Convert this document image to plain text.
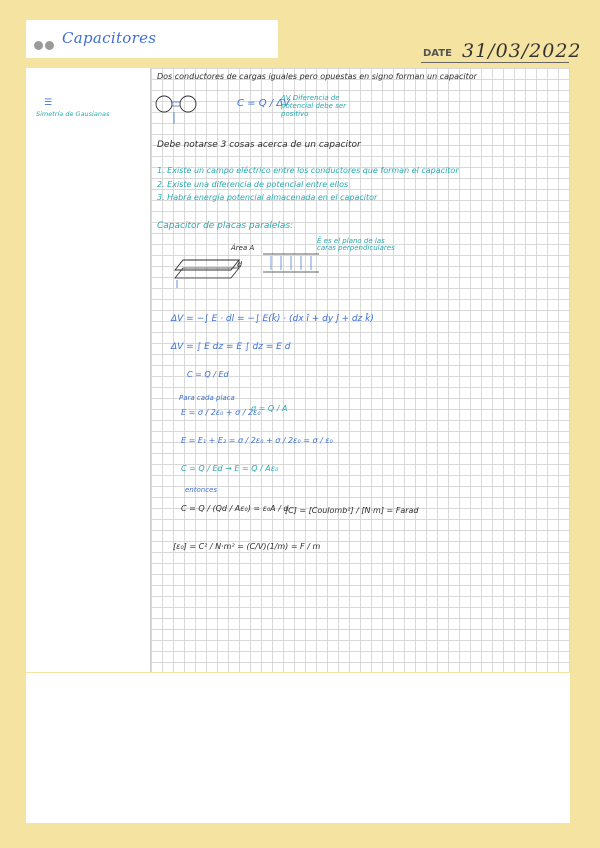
Capacitores
DATE 31/03/2022
☰
Simetría de Gausianas
Dos conductores de cargas iguales pero opuestas en signo forman un capacitor
C = Q / ΔV
ΔV Diferencia de potencial debe ser positivo
Debe notarse 3 cosas acerca de un capacitor
1. Existe un campo eléctrico entre los conductores que forman el capacitor
2. Existe una diferencia de potencial entre ellos
3. Habrá energía potencial almacenada en el capacitor
Capacitor de placas paralelas:
Área A
d
Ê es el plano de las caras perpendiculares
ΔV = −∫ E · dl = −∫ E(k̂) · (dx î + dy ĵ + dz k̂)
ΔV = ∫ E dz = E ∫ dz = E d
C = Q / Ed
Para cada placa
E = σ / 2ε₀ + σ / 2ε₀
σ = Q / A
E = E₁ + E₂ = σ / 2ε₀ + σ / 2ε₀ = σ / ε₀
C = Q / Ed → E = Q / Aε₀
entonces
C = Q / (Qd / Aε₀) = ε₀A / d
[C] = [Coulomb²] / [N·m] = Farad
[ε₀] = C² / N·m² = (C/V)(1/m) = F / m
